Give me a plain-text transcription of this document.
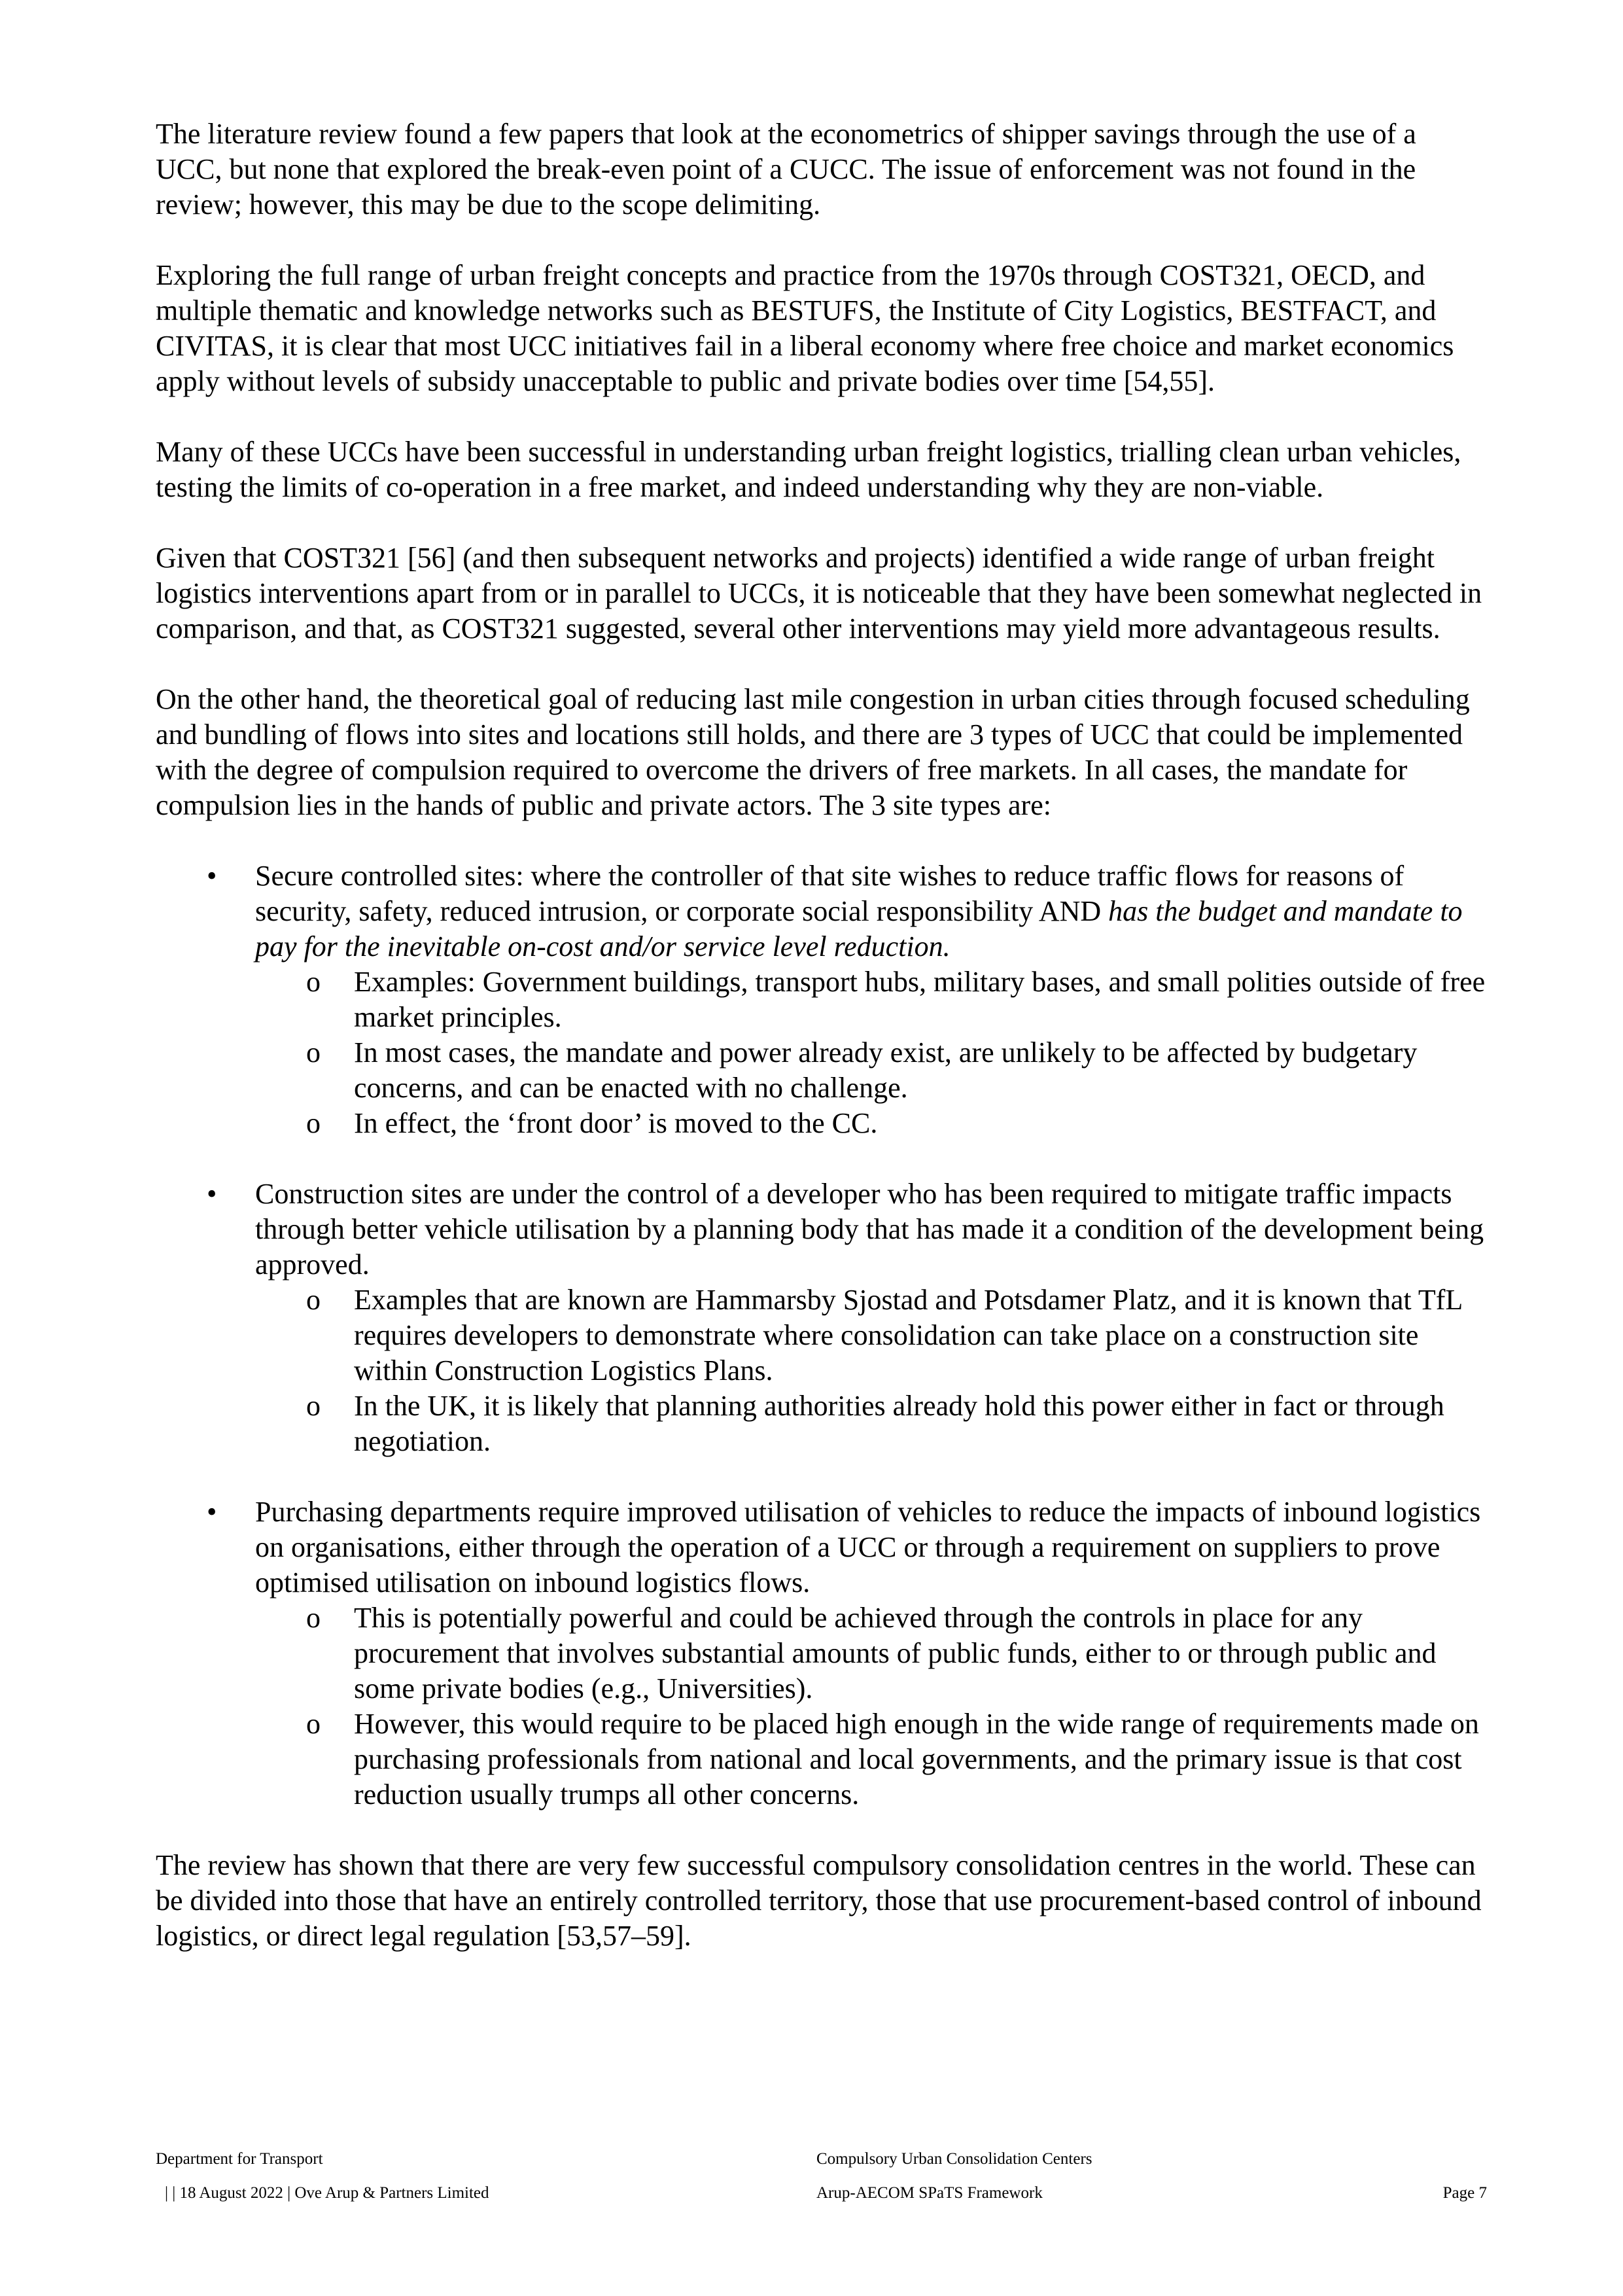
The literature review found a few papers that look at the econometrics of shipper savings through the use of a UCC, but none that explored the break-even point of a CUCC. The issue of enforcement was not found in the review; however, this may be due to the scope delimiting.

Exploring the full range of urban freight concepts and practice from the 1970s through COST321, OECD, and multiple thematic and knowledge networks such as BESTUFS, the Institute of City Logistics, BESTFACT, and CIVITAS, it is clear that most UCC initiatives fail in a liberal economy where free choice and market economics apply without levels of subsidy unacceptable to public and private bodies over time [54,55].

Many of these UCCs have been successful in understanding urban freight logistics, trialling clean urban vehicles, testing the limits of co-operation in a free market, and indeed understanding why they are non-viable.

Given that COST321 [56] (and then subsequent networks and projects) identified a wide range of urban freight logistics interventions apart from or in parallel to UCCs, it is noticeable that they have been somewhat neglected in comparison, and that, as COST321 suggested, several other interventions may yield more advantageous results.

On the other hand, the theoretical goal of reducing last mile congestion in urban cities through focused scheduling and bundling of flows into sites and locations still holds, and there are 3 types of UCC that could be implemented with the degree of compulsion required to overcome the drivers of free markets. In all cases, the mandate for compulsion lies in the hands of public and private actors. The 3 site types are:

• Secure controlled sites: where the controller of that site wishes to reduce traffic flows for reasons of security, safety, reduced intrusion, or corporate social responsibility AND has the budget and mandate to pay for the inevitable on-cost and/or service level reduction.
o Examples: Government buildings, transport hubs, military bases, and small polities outside of free market principles.
o In most cases, the mandate and power already exist, are unlikely to be affected by budgetary concerns, and can be enacted with no challenge.
o In effect, the ‘front door’ is moved to the CC.
• Construction sites are under the control of a developer who has been required to mitigate traffic impacts through better vehicle utilisation by a planning body that has made it a condition of the development being approved.
o Examples that are known are Hammarsby Sjostad and Potsdamer Platz, and it is known that TfL requires developers to demonstrate where consolidation can take place on a construction site within Construction Logistics Plans.
o In the UK, it is likely that planning authorities already hold this power either in fact or through negotiation.
• Purchasing departments require improved utilisation of vehicles to reduce the impacts of inbound logistics on organisations, either through the operation of a UCC or through a requirement on suppliers to prove optimised utilisation on inbound logistics flows.
o This is potentially powerful and could be achieved through the controls in place for any procurement that involves substantial amounts of public funds, either to or through public and some private bodies (e.g., Universities).
o However, this would require to be placed high enough in the wide range of requirements made on purchasing professionals from national and local governments, and the primary issue is that cost reduction usually trumps all other concerns.

The review has shown that there are very few successful compulsory consolidation centres in the world. These can be divided into those that have an entirely controlled territory, those that use procurement-based control of inbound logistics, or direct legal regulation [53,57–59].

Department for Transport	Compulsory Urban Consolidation Centers
| | 18 August 2022 | Ove Arup & Partners Limited	Arup-AECOM SPaTS Framework	Page 7
